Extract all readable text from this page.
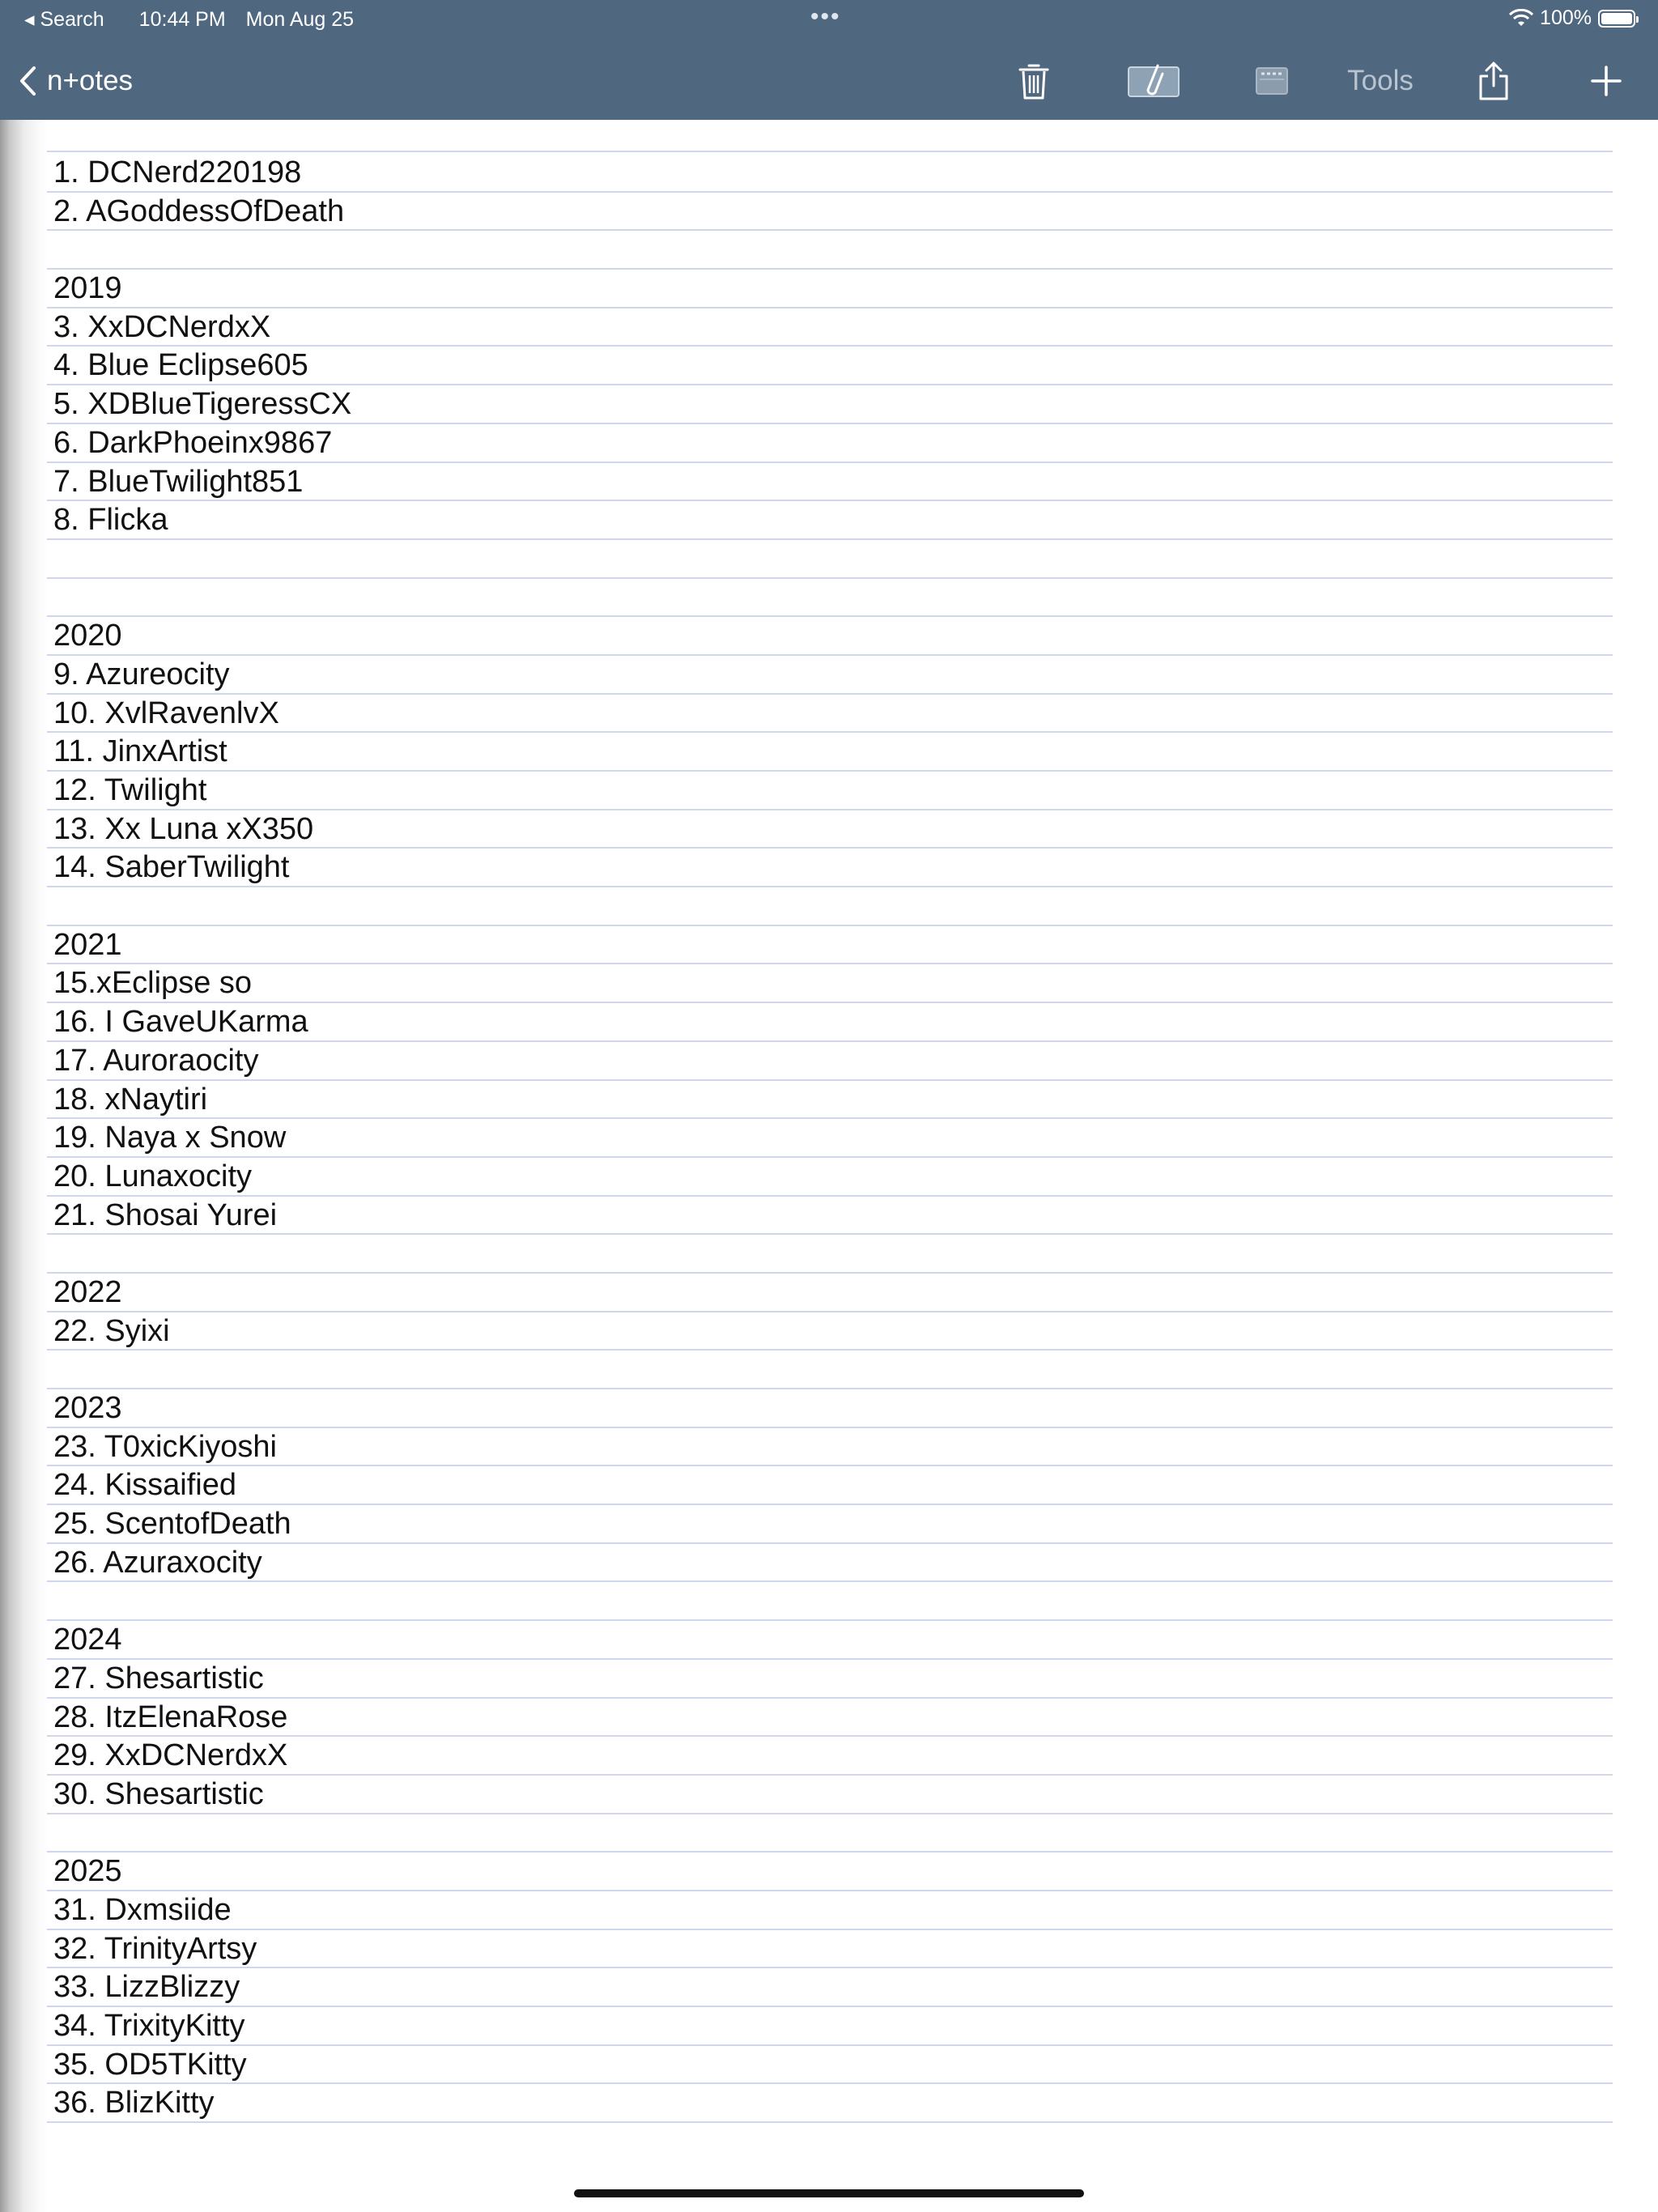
◂ Search 10:44 PM Mon Aug 25	•••	100%
n+otes	Tools
1. DCNerd220198
2. AGoddessOfDeath
2019
3. XxDCNerdxX
4. Blue Eclipse605
5. XDBlueTigeressCX
6. DarkPhoeinx9867
7. BlueTwilight851
8. Flicka
2020
9. Azureocity
10. XvlRavenlvX
11. JinxArtist
12. Twilight
13. Xx Luna xX350
14. SaberTwilight
2021
15.xEclipse so
16. I GaveUKarma
17. Auroraocity
18. xNaytiri
19. Naya x Snow
20. Lunaxocity
21. Shosai Yurei
2022
22. Syixi
2023
23. T0xicKiyoshi
24. Kissaified
25. ScentofDeath
26. Azuraxocity
2024
27. Shesartistic
28. ItzElenaRose
29. XxDCNerdxX
30. Shesartistic
2025
31. Dxmsiide
32. TrinityArtsy
33. LizzBlizzy
34. TrixityKitty
35. OD5TKitty
36. BlizKitty
